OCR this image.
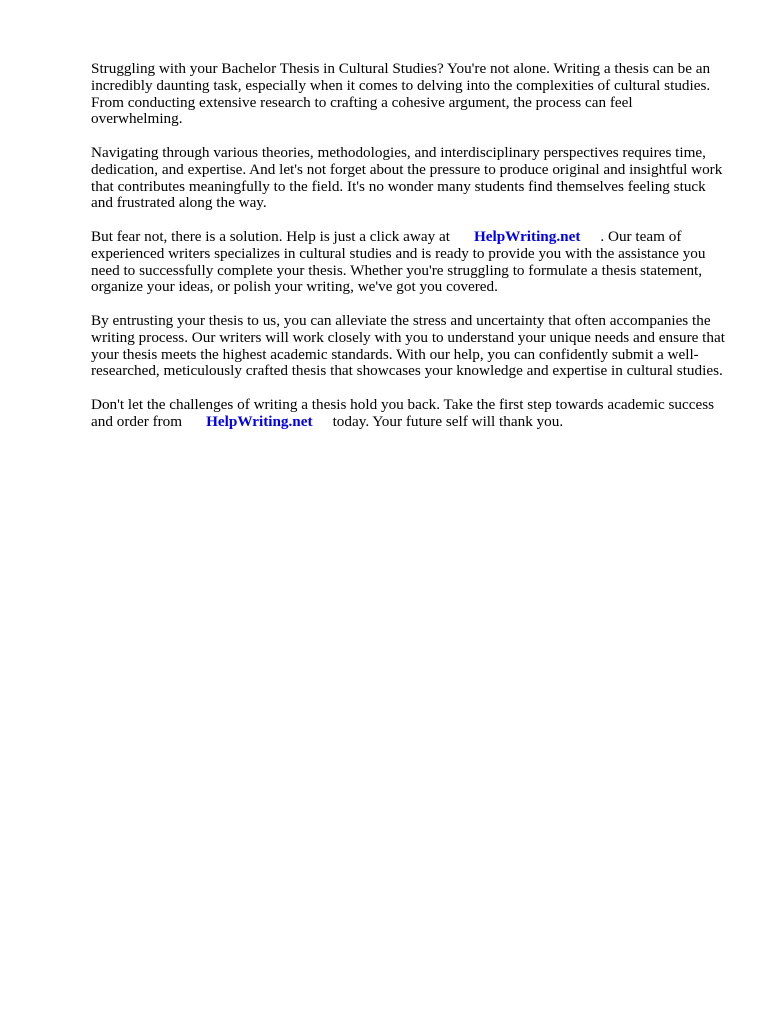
Struggling with your Bachelor Thesis in Cultural Studies? You're not alone. Writing a thesis can be an incredibly daunting task, especially when it comes to delving into the complexities of cultural studies. From conducting extensive research to crafting a cohesive argument, the process can feel overwhelming.

Navigating through various theories, methodologies, and interdisciplinary perspectives requires time, dedication, and expertise. And let's not forget about the pressure to produce original and insightful work that contributes meaningfully to the field. It's no wonder many students find themselves feeling stuck and frustrated along the way.

But fear not, there is a solution. Help is just a click away at HelpWriting.net . Our team of experienced writers specializes in cultural studies and is ready to provide you with the assistance you need to successfully complete your thesis. Whether you're struggling to formulate a thesis statement, organize your ideas, or polish your writing, we've got you covered.

By entrusting your thesis to us, you can alleviate the stress and uncertainty that often accompanies the writing process. Our writers will work closely with you to understand your unique needs and ensure that your thesis meets the highest academic standards. With our help, you can confidently submit a well-researched, meticulously crafted thesis that showcases your knowledge and expertise in cultural studies.

Don't let the challenges of writing a thesis hold you back. Take the first step towards academic success and order from HelpWriting.net today. Your future self will thank you.
